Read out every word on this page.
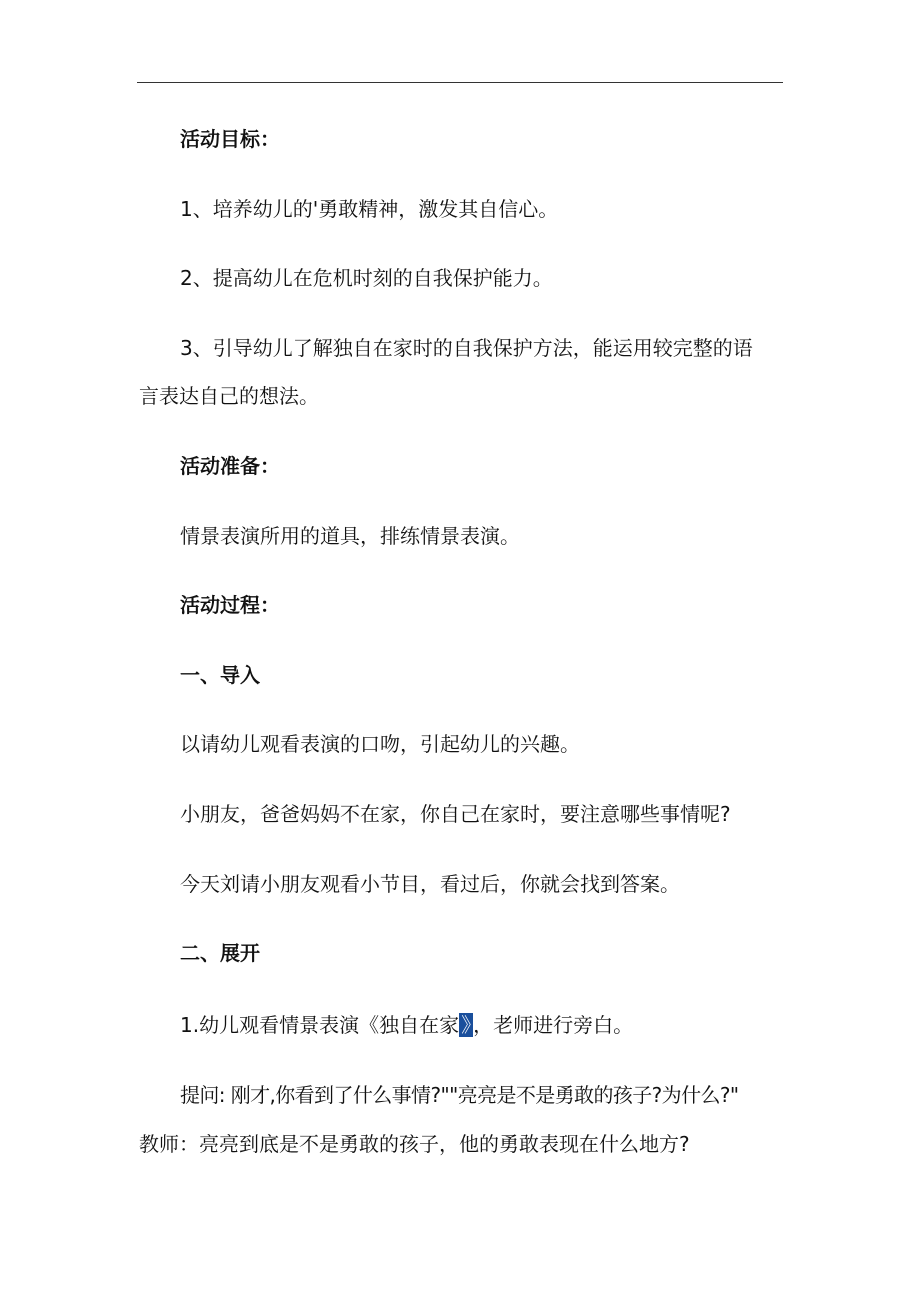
活动目标：
1、培养幼儿的'勇敢精神，激发其自信心。
2、提高幼儿在危机时刻的自我保护能力。
3、引导幼儿了解独自在家时的自我保护方法，能运用较完整的语
言表达自己的想法。
活动准备：
情景表演所用的道具，排练情景表演。
活动过程：
一、导入
以请幼儿观看表演的口吻，引起幼儿的兴趣。
小朋友，爸爸妈妈不在家，你自己在家时，要注意哪些事情呢?
今天刘请小朋友观看小节目，看过后，你就会找到答案。
二、展开
1.幼儿观看情景表演《独自在家 》 ，老师进行旁白。
提问: 刚才,你看到了什么事情?""亮亮是不是勇敢的孩子?为什么?"
教师：亮亮到底是不是勇敢的孩子，他的勇敢表现在什么地方?
